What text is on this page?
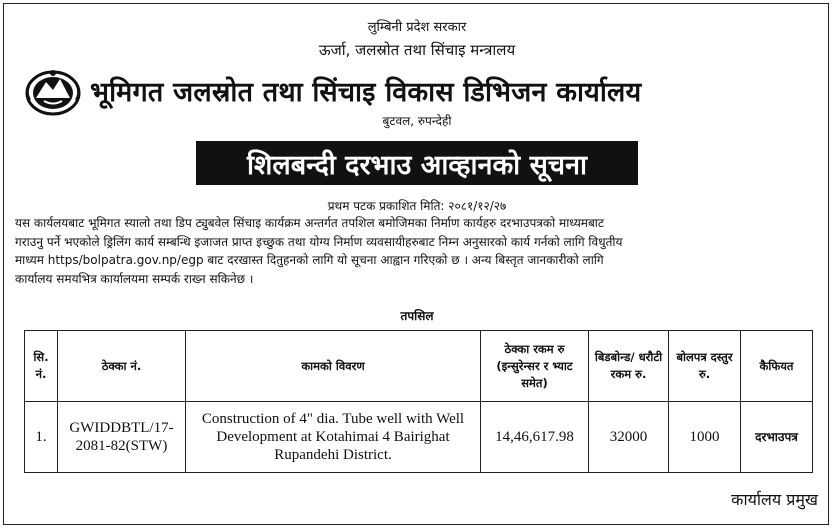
लुम्बिनी प्रदेश सरकार
ऊर्जा, जलस्रोत तथा सिंचाइ मन्त्रालय
भूमिगत जलस्रोत तथा सिंचाइ विकास डिभिजन कार्यालय
बुटवल, रुपन्देही
शिलबन्दी दरभाउ आव्हानको सूचना
प्रथम पटक प्रकाशित मिति: २०८१/१२/२७
यस कार्यलयबाट भूमिगत स्यालो तथा डिप ट्युबवेल सिंचाइ कार्यक्रम अन्तर्गत तपशिल बमोजिमका निर्माण कार्यहरु दरभाउपत्रको माध्यमबाट
गराउनु पर्ने भएकोले ड्रिलिंग कार्य सम्बन्धि इजाजत प्राप्त इच्छुक तथा योग्य निर्माण व्यवसायीहरुबाट निम्न अनुसारको कार्य गर्नको लागि विधुतीय
माध्यम https/bolpatra.gov.np/egp बाट दरखास्त दितुहनको लागि यो सूचना आह्वान गरिएको छ । अन्य बिस्तृत जानकारीको लागि
कार्यालय समयभित्र कार्यालयमा सम्पर्क राख्न सकिनेछ ।
तपसिल
सि. नं.	ठेक्का नं.	कामको विवरण	ठेक्का रकम रु (इन्सुरेन्सर र भ्याट समेत)	बिडबोन्ड/ धरौटी रकम रु.	बोलपत्र दस्तुर रु.	कैफियत
1.	GWIDDBTL/17-2081-82(STW)	Construction of 4" dia. Tube well with Well Development at Kotahimai 4 Bairighat Rupandehi District.	14,46,617.98	32000	1000	दरभाउपत्र
कार्यालय प्रमुख
